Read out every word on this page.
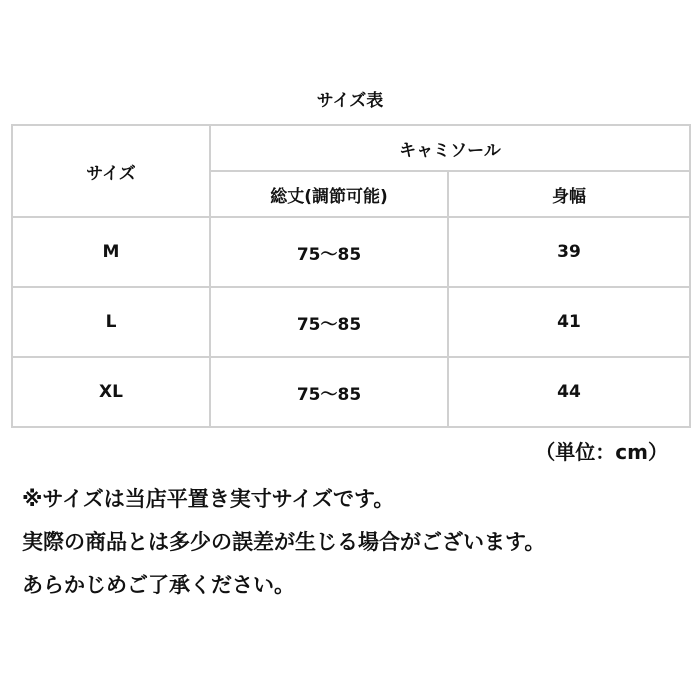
サイズ表
サイズ	キャミソール	
	総丈(調節可能)	身幅
M	75〜85	39
L	75〜85	41
XL	75〜85	44
（単位：cm）
※サイズは当店平置き実寸サイズです。
実際の商品とは多少の誤差が生じる場合がございます。
あらかじめご了承ください。
